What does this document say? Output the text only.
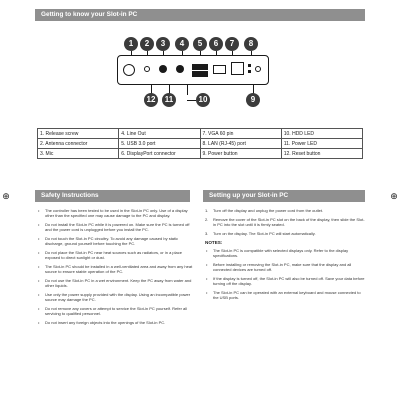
Getting to know your Slot-in PC
1	2	3	4	5	6	7	8
12	11	10	9
1. Release screw	4. Line Out	7. VGA 60 pin	10. HDD LED
2. Antenna connector	5. USB 3.0 port	8. LAN (RJ-45) port	11. Power LED
3. Mic	6. DisplayPort connector	9. Power button	12. Reset button
⊕	⊕
Safety Instructions	Setting up your Slot-in PC
• The controller has been tested to be used in the Slot-in PC only. Use of a display other than the specified one may cause damage to the PC and display.
• Do not install the Slot-in PC while it is powered on. Make sure the PC is turned off and the power cord is unplugged before you install the PC.
• Do not touch the Slot-in PC circuitry. To avoid any damage caused by static discharge, ground yourself before touching the PC.
• Do not place the Slot-in PC near heat sources such as radiators, or in a place exposed to direct sunlight or dust.
• The Slot-in PC should be installed in a well-ventilated area and away from any heat source to ensure stable operation of the PC.
• Do not use the Slot-in PC in a wet environment. Keep the PC away from water and other liquids.
• Use only the power supply provided with the display. Using an incompatible power source may damage the PC.
• Do not remove any covers or attempt to service the Slot-in PC yourself. Refer all servicing to qualified personnel.
• Do not insert any foreign objects into the openings of the Slot-in PC.
1. Turn off the display and unplug the power cord from the outlet.
2. Remove the cover of the Slot-in PC slot on the back of the display, then slide the Slot-in PC into the slot until it is firmly seated.
3. Turn on the display. The Slot-in PC will start automatically.
NOTES:
• The Slot-in PC is compatible with selected displays only. Refer to the display specifications.
• Before installing or removing the Slot-in PC, make sure that the display and all connected devices are turned off.
• If the display is turned off, the Slot-in PC will also be turned off. Save your data before turning off the display.
• The Slot-in PC can be operated with an external keyboard and mouse connected to the USB ports.
